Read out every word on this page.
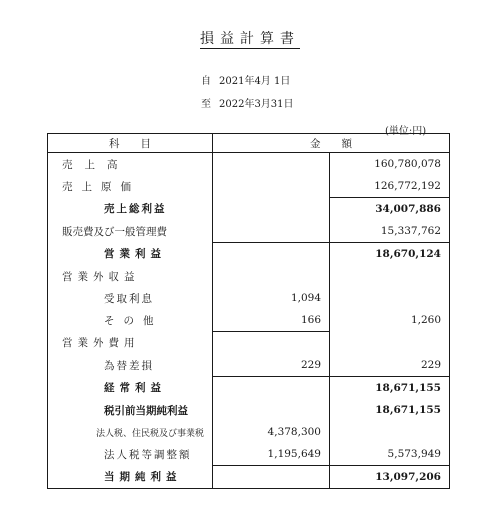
損益計算書
自 2021年4月 1日
至 2022年3月31日
(単位:円)
科　　目	金　　額	
売上高		160,780,078
売上原価		126,772,192
売上総利益		34,007,886
販売費及び一般管理費		15,337,762
営業利益		18,670,124
営業外収益		
受取利息	1,094	
その他	166	1,260
営業外費用		
為替差損	229	229
経常利益		18,671,155
税引前当期純利益		18,671,155
法人税、住民税及び事業税	4,378,300	
法人税等調整額	1,195,649	5,573,949
当期純利益		13,097,206
